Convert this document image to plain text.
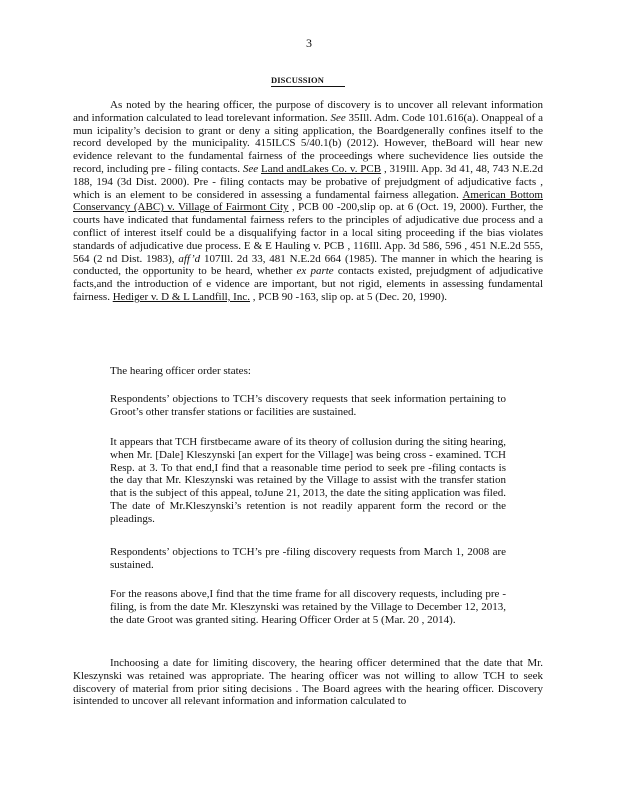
3
DISCUSSION

As noted by the hearing officer, the purpose of discovery is to uncover all relevant information and information calculated to lead torelevant information. See 35Ill. Adm. Code 101.616(a). Onappeal of a mun icipality’s decision to grant or deny a siting application, the Boardgenerally confines itself to the record developed by the municipality. 415ILCS 5/40.1(b) (2012). However, theBoard will hear new evidence relevant to the fundamental fairness of the proceedings where suchevidence lies outside the record, including pre - filing contacts. See Land andLakes Co. v. PCB , 319Ill. App. 3d 41, 48, 743 N.E.2d 188, 194 (3d Dist. 2000). Pre - filing contacts may be probative of prejudgment of adjudicative facts , which is an element to be considered in assessing a fundamental fairness allegation. American Bottom Conservancy (ABC) v. Village of Fairmont City , PCB 00 -200,slip op. at 6 (Oct. 19, 2000). Further, the courts have indicated that fundamental fairness refers to the principles of adjudicative due process and a conflict of interest itself could be a disqualifying factor in a local siting proceeding if the bias violates standards of adjudicative due process. E & E Hauling v. PCB , 116Ill. App. 3d 586, 596 , 451 N.E.2d 555, 564 (2 nd Dist. 1983), aff’d 107Ill. 2d 33, 481 N.E.2d 664 (1985). The manner in which the hearing is conducted, the opportunity to be heard, whether ex parte contacts existed, prejudgment of adjudicative facts,and the introduction of e vidence are important, but not rigid, elements in assessing fundamental fairness. Hediger v. D & L Landfill, Inc. , PCB 90 -163, slip op. at 5 (Dec. 20, 1990).

The hearing officer order states:

Respondents’ objections to TCH’s discovery requests that seek information pertaining to Groot’s other transfer stations or facilities are sustained.

It appears that TCH firstbecame aware of its theory of collusion during the siting hearing, when Mr. [Dale] Kleszynski [an expert for the Village] was being cross - examined. TCH Resp. at 3. To that end,I find that a reasonable time period to seek pre -filing contacts is the day that Mr. Kleszynski was retained by the Village to assist with the transfer station that is the subject of this appeal, toJune 21, 2013, the date the siting application was filed. The date of Mr.Kleszynski’s retention is not readily apparent form the record or the pleadings.

Respondents’ objections to TCH’s pre -filing discovery requests from March 1, 2008 are sustained.

For the reasons above,I find that the time frame for all discovery requests, including pre -filing, is from the date Mr. Kleszynski was retained by the Village to December 12, 2013, the date Groot was granted siting. Hearing Officer Order at 5 (Mar. 20 , 2014).

Inchoosing a date for limiting discovery, the hearing officer determined that the date that Mr. Kleszynski was retained was appropriate. The hearing officer was not willing to allow TCH to seek discovery of material from prior siting decisions . The Board agrees with the hearing officer. Discovery isintended to uncover all relevant information and information calculated to
